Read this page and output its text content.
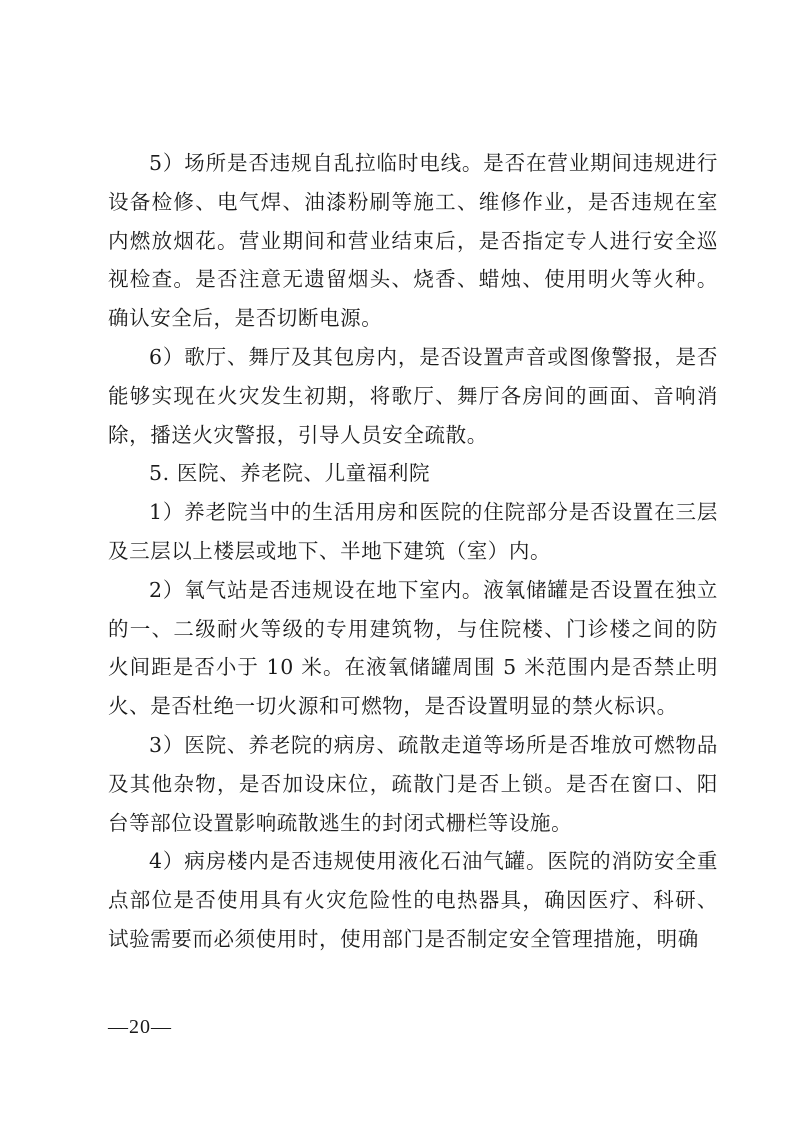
5）场所是否违规自乱拉临时电线。是否在营业期间违规进行设备检修、电气焊、油漆粉刷等施工、维修作业，是否违规在室内燃放烟花。营业期间和营业结束后，是否指定专人进行安全巡视检查。是否注意无遗留烟头、烧香、蜡烛、使用明火等火种。确认安全后，是否切断电源。

6）歌厅、舞厅及其包房内，是否设置声音或图像警报，是否能够实现在火灾发生初期，将歌厅、舞厅各房间的画面、音响消除，播送火灾警报，引导人员安全疏散。

5. 医院、养老院、儿童福利院

1）养老院当中的生活用房和医院的住院部分是否设置在三层及三层以上楼层或地下、半地下建筑（室）内。

2）氧气站是否违规设在地下室内。液氧储罐是否设置在独立的一、二级耐火等级的专用建筑物，与住院楼、门诊楼之间的防火间距是否小于 10 米。在液氧储罐周围 5 米范围内是否禁止明火、是否杜绝一切火源和可燃物，是否设置明显的禁火标识。

3）医院、养老院的病房、疏散走道等场所是否堆放可燃物品及其他杂物，是否加设床位，疏散门是否上锁。是否在窗口、阳台等部位设置影响疏散逃生的封闭式栅栏等设施。

4）病房楼内是否违规使用液化石油气罐。医院的消防安全重点部位是否使用具有火灾危险性的电热器具，确因医疗、科研、试验需要而必须使用时，使用部门是否制定安全管理措施，明确

—20—
